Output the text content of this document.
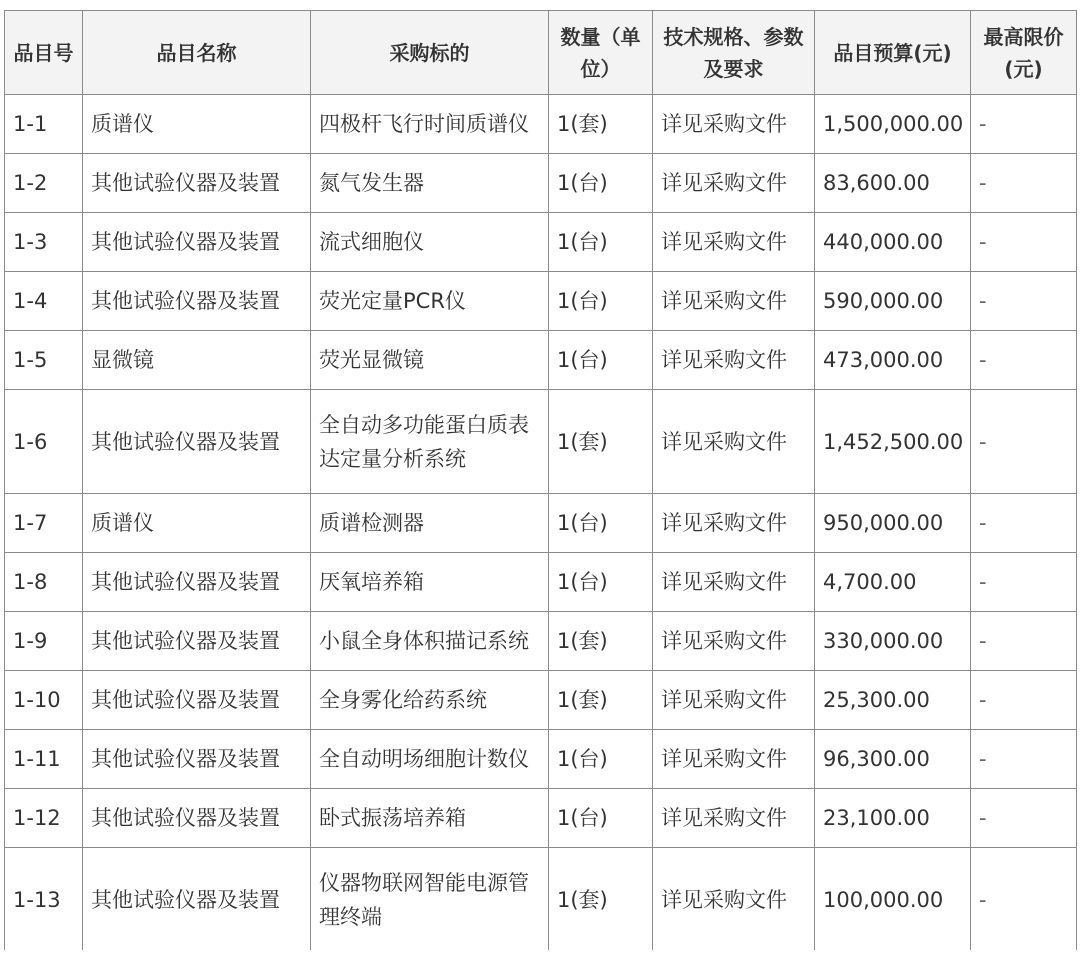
品目号	品目名称	采购标的	数量（单位）	技术规格、参数及要求	品目预算(元)	最高限价(元)
1-1	质谱仪	四极杆飞行时间质谱仪	1(套)	详见采购文件	1,500,000.00	-
1-2	其他试验仪器及装置	氮气发生器	1(台)	详见采购文件	83,600.00	-
1-3	其他试验仪器及装置	流式细胞仪	1(台)	详见采购文件	440,000.00	-
1-4	其他试验仪器及装置	荧光定量PCR仪	1(台)	详见采购文件	590,000.00	-
1-5	显微镜	荧光显微镜	1(台)	详见采购文件	473,000.00	-
1-6	其他试验仪器及装置	全自动多功能蛋白质表达定量分析系统	1(套)	详见采购文件	1,452,500.00	-
1-7	质谱仪	质谱检测器	1(台)	详见采购文件	950,000.00	-
1-8	其他试验仪器及装置	厌氧培养箱	1(台)	详见采购文件	4,700.00	-
1-9	其他试验仪器及装置	小鼠全身体积描记系统	1(套)	详见采购文件	330,000.00	-
1-10	其他试验仪器及装置	全身雾化给药系统	1(套)	详见采购文件	25,300.00	-
1-11	其他试验仪器及装置	全自动明场细胞计数仪	1(台)	详见采购文件	96,300.00	-
1-12	其他试验仪器及装置	卧式振荡培养箱	1(台)	详见采购文件	23,100.00	-
1-13	其他试验仪器及装置	仪器物联网智能电源管理终端	1(套)	详见采购文件	100,000.00	-
